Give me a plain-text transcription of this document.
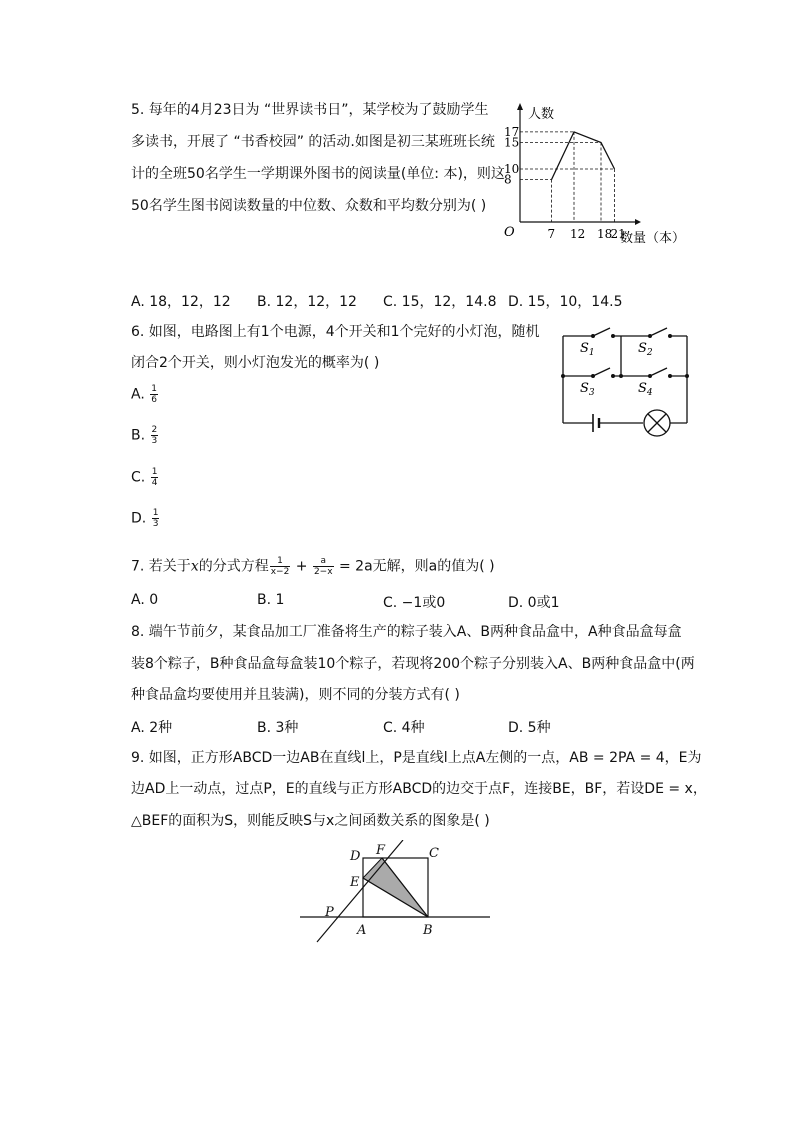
5. 每年的4月23日为 “世界读书日”，某学校为了鼓励学生
多读书，开展了 “书香校园” 的活动.如图是初三某班班长统
计的全班50名学生一学期课外图书的阅读量(单位: 本)，则这
50名学生图书阅读数量的中位数、众数和平均数分别为( )
7 12 18
21
8
10
15
17
O
人数
数量（本）
A. 18，12，12 B. 12，12，12 C. 15，12，14.8 D. 15，10，14.5
6. 如图，电路图上有1个电源，4个开关和1个完好的小灯泡，随机
闭合2个开关，则小灯泡发光的概率为( )
A. $\frac{1}{6}$
B. $\frac{2}{3}$
C. $\frac{1}{4}$
D. $\frac{1}{3}$
$S_1$	$S_2$
$S_3$	$S_4$
7. 若关于x的分式方程 $\frac{1}{x-2} + \frac{a}{2-x} = 2a$无解，则a的值为( )
A. 0	B. 1	C. −1或0	D. 0或1
8. 端午节前夕，某食品加工厂准备将生产的粽子装入A、B两种食品盒中，A种食品盒每盒
装8个粽子，B种食品盒每盒装10个粽子，若现将200个粽子分别装入A、B两种食品盒中(两
种食品盒均要使用并且装满)，则不同的分装方式有( )
A. 2种	B. 3种	C. 4种	D. 5种
9. 如图，正方形ABCD一边AB在直线l上，P是直线l上点A左侧的一点，AB = 2PA = 4，E为
边AD上一动点，过点P，E的直线与正方形ABCD的边交于点F，连接BE，BF，若设DE = x，
△BEF的面积为S，则能反映S与x之间函数关系的图象是( )
D F	C
E
P
A	B
